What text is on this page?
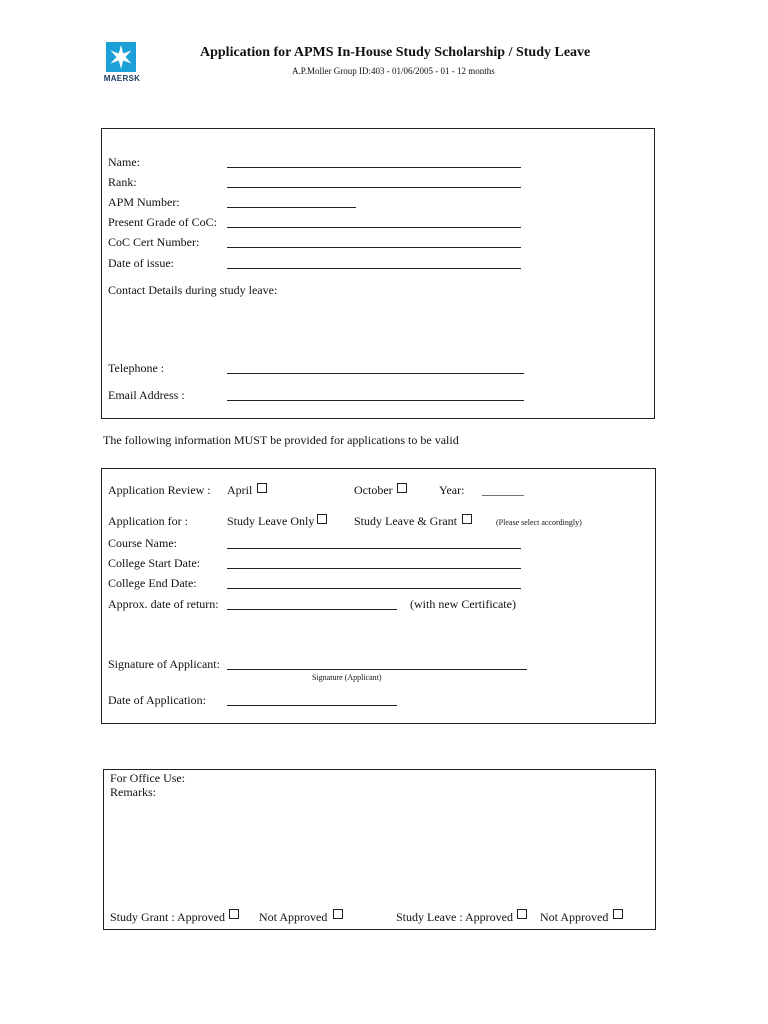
MAERSK
Application for APMS In-House Study Scholarship / Study Leave
A.P.Moller Group ID:403 - 01/06/2005 - 01 - 12 months
Name:
Rank:
APM Number:
Present Grade of CoC:
CoC Cert Number:
Date of issue:
Contact Details during study leave:
Telephone :
Email Address :
The following information MUST be provided for applications to be valid
Application Review : April	October	Year: _______
Application for :	Study Leave Only	Study Leave & Grant	(Please select accordingly)
Course Name:
College Start Date:
College End Date:
Approx. date of return:	(with new Certificate)
Signature of Applicant:
Signature (Applicant)
Date of Application:
For Office Use:
Remarks:
Study Grant : Approved	Not Approved	Study Leave : Approved Not Approved
